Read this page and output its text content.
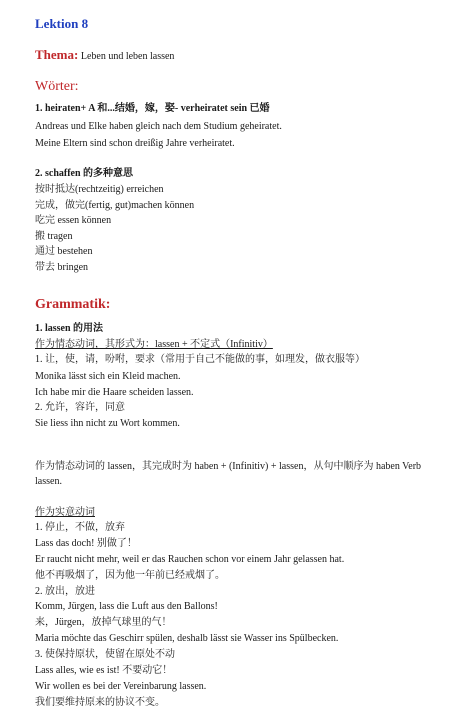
Lektion 8
Thema: Leben und leben lassen
Wörter:
1. heiraten+ A 和...结婚，嫁，娶- verheiratet sein 已婚
Andreas und Elke haben gleich nach dem Studium geheiratet.
Meine Eltern sind schon dreißig Jahre verheiratet.
2. schaffen 的多种意思
按时抵达(rechtzeitig) erreichen
完成，做完(fertig, gut)machen können
吃完 essen können
搬 tragen
通过 bestehen
带去 bringen
Grammatik:
1. lassen 的用法
作为情态动词，其形式为：lassen + 不定式（Infinitiv）
1. 让，使，请，吩咐，要求（常用于自己不能做的事，如理发，做衣服等）
Monika lässt sich ein Kleid machen.
Ich habe mir die Haare scheiden lassen.
2. 允许，容许，同意
Sie liess ihn nicht zu Wort kommen.
作为情态动词的 lassen，其完成时为 haben + (Infinitiv) + lassen，从句中顺序为 haben Verb lassen.
作为实意动词
1. 停止，不做，放弃
Lass das doch! 别做了！
Er raucht nicht mehr, weil er das Rauchen schon vor einem Jahr gelassen hat.
他不再吸烟了，因为他一年前已经戒烟了。
2. 放出，放进
Komm, Jürgen, lass die Luft aus den Ballons!
来，Jürgen，放掉气球里的气！
Maria möchte das Geschirr spülen, deshalb lässt sie Wasser ins Spülbecken.
3. 使保持原状，使留在原处不动
Lass alles, wie es ist! 不要动它！
Wir wollen es bei der Vereinbarung lassen.
我们要维持原来的协议不变。
